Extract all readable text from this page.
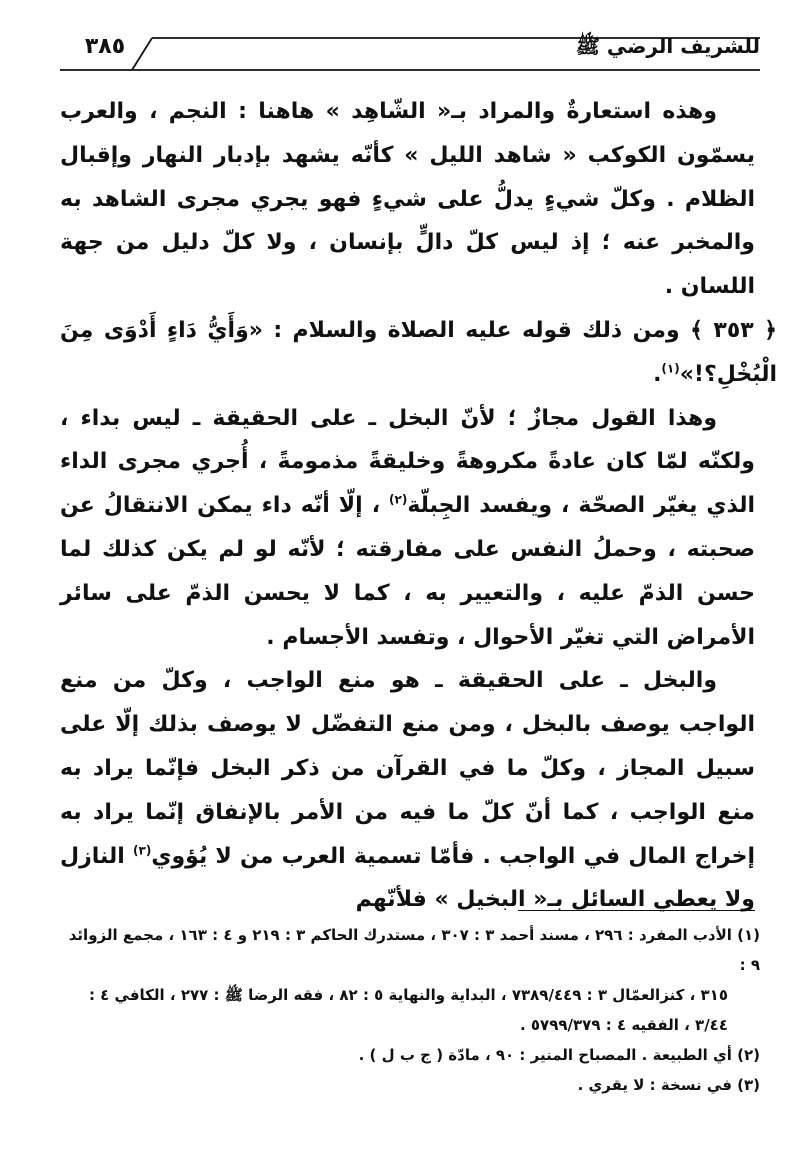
للشريف الرضي ﷺ
٣٨٥

وهذه استعارةٌ والمراد بـ« الشّاهِد » هاهنا : النجم ، والعرب يسمّون الكوكب « شاهد الليل » كأنّه يشهد بإدبار النهار وإقبال الظلام . وكلّ شيءٍ يدلُّ على شيءٍ فهو يجري مجرى الشاهد به والمخبر عنه ؛ إذ ليس كلّ دالٍّ بإنسان ، ولا كلّ دليل من جهة اللسان .

﴿ ٣٥٣ ﴾ ومن ذلك قوله عليه الصلاة والسلام : «وَأَيُّ دَاءٍ أَدْوَى مِنَ الْبُخْلِ؟!»$^{(١)}$.

وهذا القول مجازٌ ؛ لأنّ البخل ـ على الحقيقة ـ ليس بداء ، ولكنّه لمّا كان عادةً مكروهةً وخليقةً مذمومةً ، أُجري مجرى الداء الذي يغيّر الصحّة ، ويفسد الجِبلّة$^{(٢)}$ ، إلّا أنّه داء يمكن الانتقالُ عن صحبته ، وحملُ النفس على مفارقته ؛ لأنّه لو لم يكن كذلك لما حسن الذمّ عليه ، والتعيير به ، كما لا يحسن الذمّ على سائر الأمراض التي تغيّر الأحوال ، وتفسد الأجسام .

والبخل ـ على الحقيقة ـ هو منع الواجب ، وكلّ من منع الواجب يوصف بالبخل ، ومن منع التفضّل لا يوصف بذلك إلّا على سبيل المجاز ، وكلّ ما في القرآن من ذكر البخل فإنّما يراد به منع الواجب ، كما أنّ كلّ ما فيه من الأمر بالإنفاق إنّما يراد به إخراج المال في الواجب . فأمّا تسمية العرب من لا يُؤوي$^{(٣)}$ النازل ولا يعطي السائل بـ« البخيل » فلأنّهم

(١) الأدب المفرد : ٢٩٦ ، مسند أحمد ٣ : ٣٠٧ ، مستدرك الحاكم ٣ : ٢١٩ و ٤ : ١٦٣ ، مجمع الزوائد ٩ :

٣١٥ ، كنزالعمّال ٣ : ٧٣٨٩/٤٤٩ ، البداية والنهاية ٥ : ٨٢ ، فقه الرضا ﷺ : ٢٧٧ ، الكافي ٤ :

٣/٤٤ ، الفقيه ٤ : ٥٧٩٩/٣٧٩ .

(٢) أي الطبيعة . المصباح المنير : ٩٠ ، مادّة ( ج ب ل ) .

(٣) في نسخة : لا يقري .
